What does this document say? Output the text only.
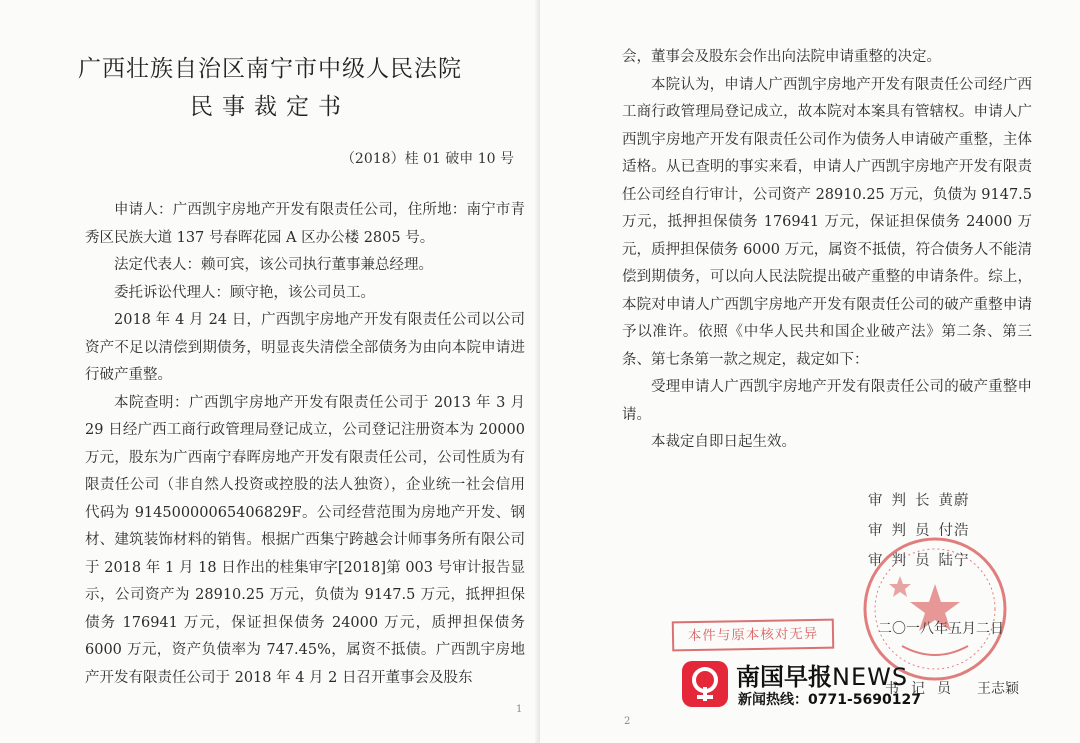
广西壮族自治区南宁市中级人民法院
民事裁定书
（2018）桂 01 破申 10 号

申请人：广西凯宇房地产开发有限责任公司，住所地：南宁市青秀区民族大道 137 号春晖花园 A 区办公楼 2805 号。

法定代表人：赖可宾，该公司执行董事兼总经理。

委托诉讼代理人：顾守艳，该公司员工。

2018 年 4 月 24 日，广西凯宇房地产开发有限责任公司以公司资产不足以清偿到期债务，明显丧失清偿全部债务为由向本院申请进行破产重整。

本院查明：广西凯宇房地产开发有限责任公司于 2013 年 3 月 29 日经广西工商行政管理局登记成立，公司登记注册资本为 20000 万元，股东为广西南宁春晖房地产开发有限责任公司，公司性质为有限责任公司（非自然人投资或控股的法人独资），企业统一社会信用代码为 91450000065406829F。公司经营范围为房地产开发、钢材、建筑装饰材料的销售。根据广西集宁跨越会计师事务所有限公司于 2018 年 1 月 18 日作出的桂集审字[2018]第 003 号审计报告显示，公司资产为 28910.25 万元，负债为 9147.5 万元，抵押担保债务 176941 万元，保证担保债务 24000 万元，质押担保债务 6000 万元，资产负债率为 747.45%，属资不抵债。广西凯宇房地产开发有限责任公司于 2018 年 4 月 2 日召开董事会及股东

1

会，董事会及股东会作出向法院申请重整的决定。

本院认为，申请人广西凯宇房地产开发有限责任公司经广西工商行政管理局登记成立，故本院对本案具有管辖权。申请人广西凯宇房地产开发有限责任公司作为债务人申请破产重整，主体适格。从已查明的事实来看，申请人广西凯宇房地产开发有限责任公司经自行审计，公司资产 28910.25 万元，负债为 9147.5 万元，抵押担保债务 176941 万元，保证担保债务 24000 万元，质押担保债务 6000 万元，属资不抵债，符合债务人不能清偿到期债务，可以向人民法院提出破产重整的申请条件。综上，本院对申请人广西凯宇房地产开发有限责任公司的破产重整申请予以准许。依照《中华人民共和国企业破产法》第二条、第三条、第七条第一款之规定，裁定如下：

受理申请人广西凯宇房地产开发有限责任公司的破产重整申请。

本裁定自即日起生效。

审判长黄蔚
审判员付浩
审判员陆宁
二〇一八年五月二日
本件与原本核对无异
书记员 王志颖
2
南国早报NEWS
新闻热线：0771-5690127
